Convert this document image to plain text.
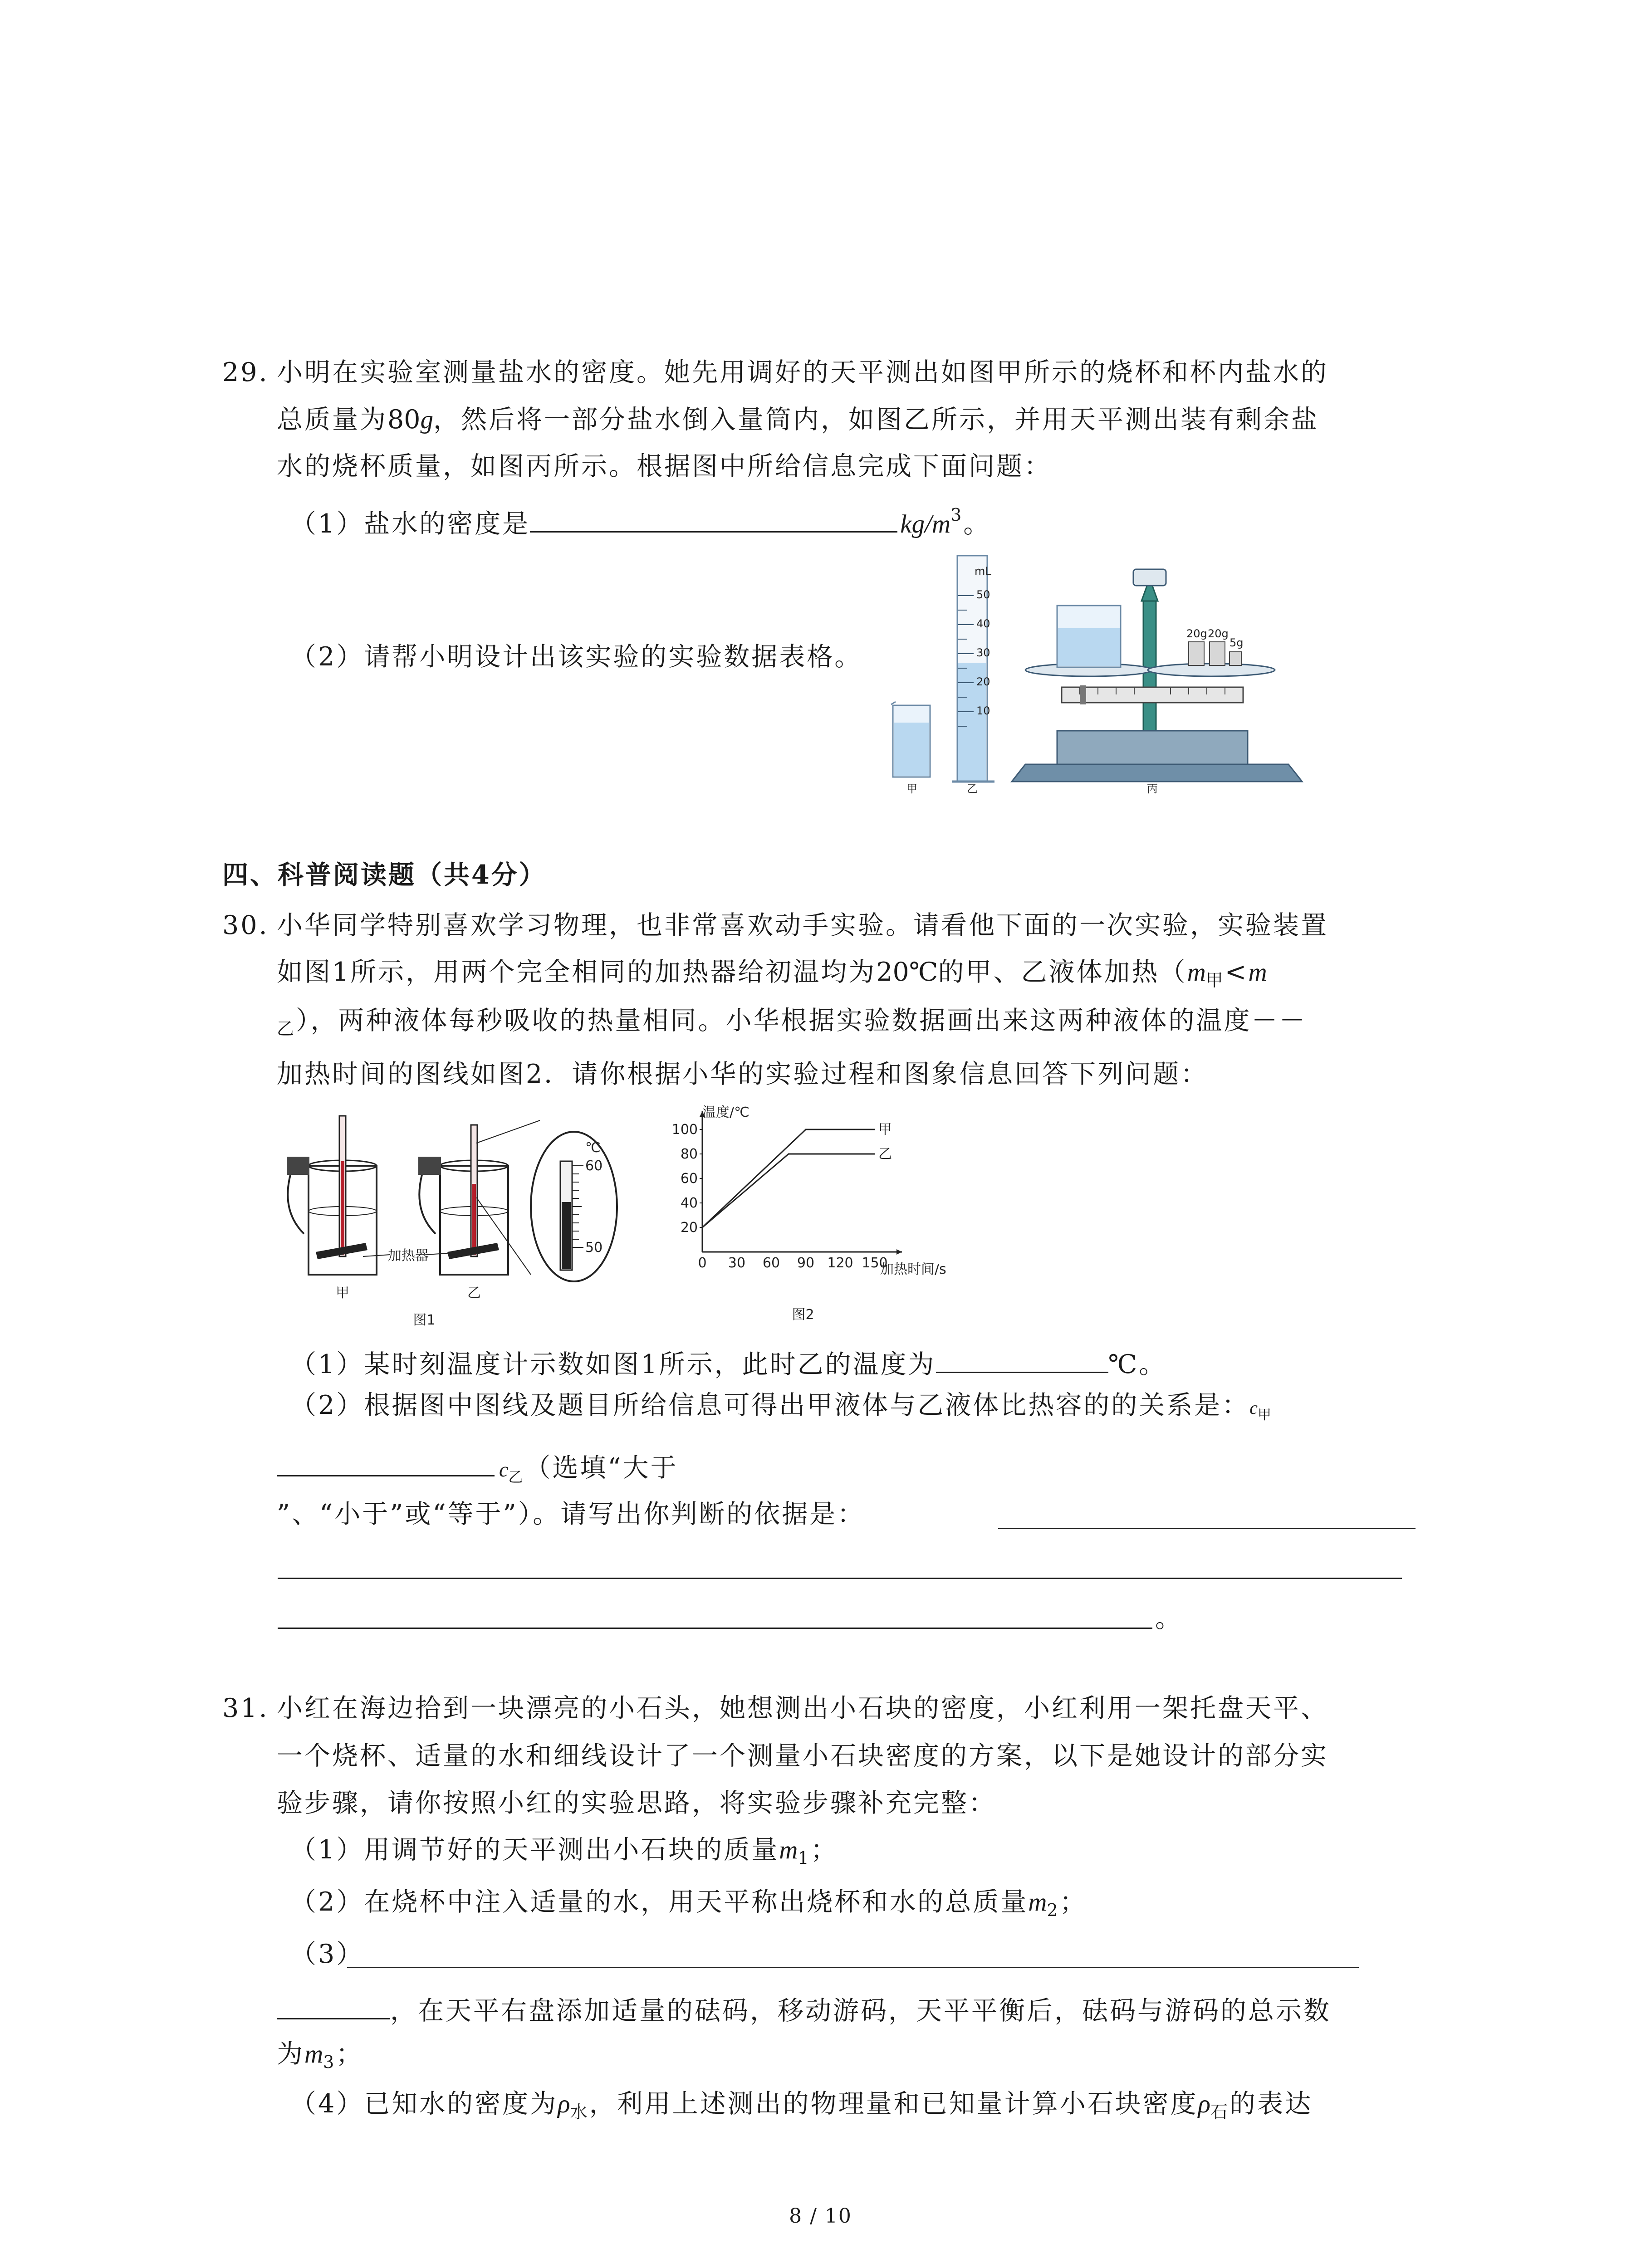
29. 小明在实验室测量盐水的密度。她先用调好的天平测出如图甲所示的烧杯和杯内盐水的
总质量为80g，然后将一部分盐水倒入量筒内，如图乙所示，并用天平测出装有剩余盐
水的烧杯质量，如图丙所示。根据图中所给信息完成下面问题：
（1）盐水的密度是	$kg/m^3$。
（2）请帮小明设计出该实验的实验数据表格。
甲
mL
50
40
30
20
10
乙
20g 20g
5g
丙
四、科普阅读题（共4分）
30. 小华同学特别喜欢学习物理，也非常喜欢动手实验。请看他下面的一次实验，实验装置
如图1所示，用两个完全相同的加热器给初温均为20℃的甲、乙液体加热（$m_甲<m$
$_乙$），两种液体每秒吸收的热量相同。小华根据实验数据画出来这两种液体的温度－－
加热时间的图线如图2．请你根据小华的实验过程和图象信息回答下列问题：
甲	乙
加热器
℃
60
50
图1
甲
乙
20
40
60
80
100
0 30 60 90 120 150
温度/℃
加热时间/s
图2
（1）某时刻温度计示数如图1所示，此时乙的温度为	℃。
（2）根据图中图线及题目所给信息可得出甲液体与乙液体比热容的的关系是：$c_甲$
$c_乙$（选填“大于
”、“小于”或“等于”）。请写出你判断的依据是：
。
31. 小红在海边拾到一块漂亮的小石头，她想测出小石块的密度，小红利用一架托盘天平、
一个烧杯、适量的水和细线设计了一个测量小石块密度的方案，以下是她设计的部分实
验步骤，请你按照小红的实验思路，将实验步骤补充完整：
（1）用调节好的天平测出小石块的质量$m_1$；
（2）在烧杯中注入适量的水，用天平称出烧杯和水的总质量$m_2$；
（3）
，在天平右盘添加适量的砝码，移动游码，天平平衡后，砝码与游码的总示数
为$m_3$；
（4）已知水的密度为$\rho_水$，利用上述测出的物理量和已知量计算小石块密度$\rho_石$的表达
8 / 10
